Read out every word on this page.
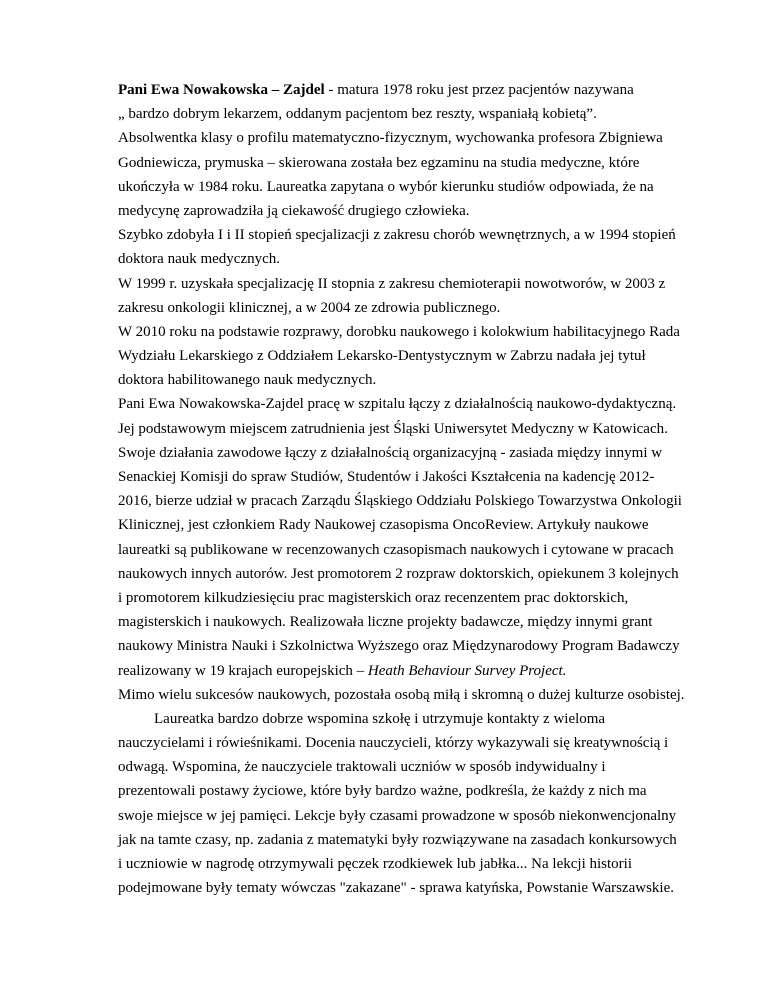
Pani Ewa Nowakowska – Zajdel - matura 1978 roku jest przez pacjentów nazywana
„ bardzo dobrym lekarzem, oddanym pacjentom bez reszty, wspaniałą kobietą”.
Absolwentka klasy o profilu matematyczno-fizycznym, wychowanka profesora Zbigniewa
Godniewicza, prymuska – skierowana została bez egzaminu na studia medyczne, które
ukończyła w 1984 roku. Laureatka zapytana o wybór kierunku studiów odpowiada, że na
medycynę zaprowadziła ją ciekawość drugiego człowieka.
Szybko zdobyła I i II stopień specjalizacji z zakresu chorób wewnętrznych, a w 1994 stopień
doktora nauk medycznych.
W 1999 r. uzyskała specjalizację II stopnia z zakresu chemioterapii nowotworów, w 2003 z
zakresu onkologii klinicznej, a w 2004 ze zdrowia publicznego.
W 2010 roku na podstawie rozprawy, dorobku naukowego i kolokwium habilitacyjnego Rada
Wydziału Lekarskiego z Oddziałem Lekarsko-Dentystycznym w Zabrzu nadała jej tytuł
doktora habilitowanego nauk medycznych.
Pani Ewa Nowakowska-Zajdel pracę w szpitalu łączy z działalnością naukowo-dydaktyczną.
Jej podstawowym miejscem zatrudnienia jest Śląski Uniwersytet Medyczny w Katowicach.
Swoje działania zawodowe łączy z działalnością organizacyjną - zasiada między innymi w
Senackiej Komisji do spraw Studiów, Studentów i Jakości Kształcenia na kadencję 2012-
2016, bierze udział w pracach Zarządu Śląskiego Oddziału Polskiego Towarzystwa Onkologii
Klinicznej, jest członkiem Rady Naukowej czasopisma OncoReview. Artykuły naukowe
laureatki są publikowane w recenzowanych czasopismach naukowych i cytowane w pracach
naukowych innych autorów. Jest promotorem 2 rozpraw doktorskich, opiekunem 3 kolejnych
i promotorem kilkudziesięciu prac magisterskich oraz recenzentem prac doktorskich,
magisterskich i naukowych. Realizowała liczne projekty badawcze, między innymi grant
naukowy Ministra Nauki i Szkolnictwa Wyższego oraz Międzynarodowy Program Badawczy
realizowany w 19 krajach europejskich – Heath Behaviour Survey Project.
Mimo wielu sukcesów naukowych, pozostała osobą miłą i skromną o dużej kulturze osobistej.
Laureatka bardzo dobrze wspomina szkołę i utrzymuje kontakty z wieloma
nauczycielami i rówieśnikami. Docenia nauczycieli, którzy wykazywali się kreatywnością i
odwagą. Wspomina, że nauczyciele traktowali uczniów w sposób indywidualny i
prezentowali postawy życiowe, które były bardzo ważne, podkreśla, że każdy z nich ma
swoje miejsce w jej pamięci. Lekcje były czasami prowadzone w sposób niekonwencjonalny
jak na tamte czasy, np. zadania z matematyki były rozwiązywane na zasadach konkursowych
i uczniowie w nagrodę otrzymywali pęczek rzodkiewek lub jabłka... Na lekcji historii
podejmowane były tematy wówczas "zakazane" - sprawa katyńska, Powstanie Warszawskie.
